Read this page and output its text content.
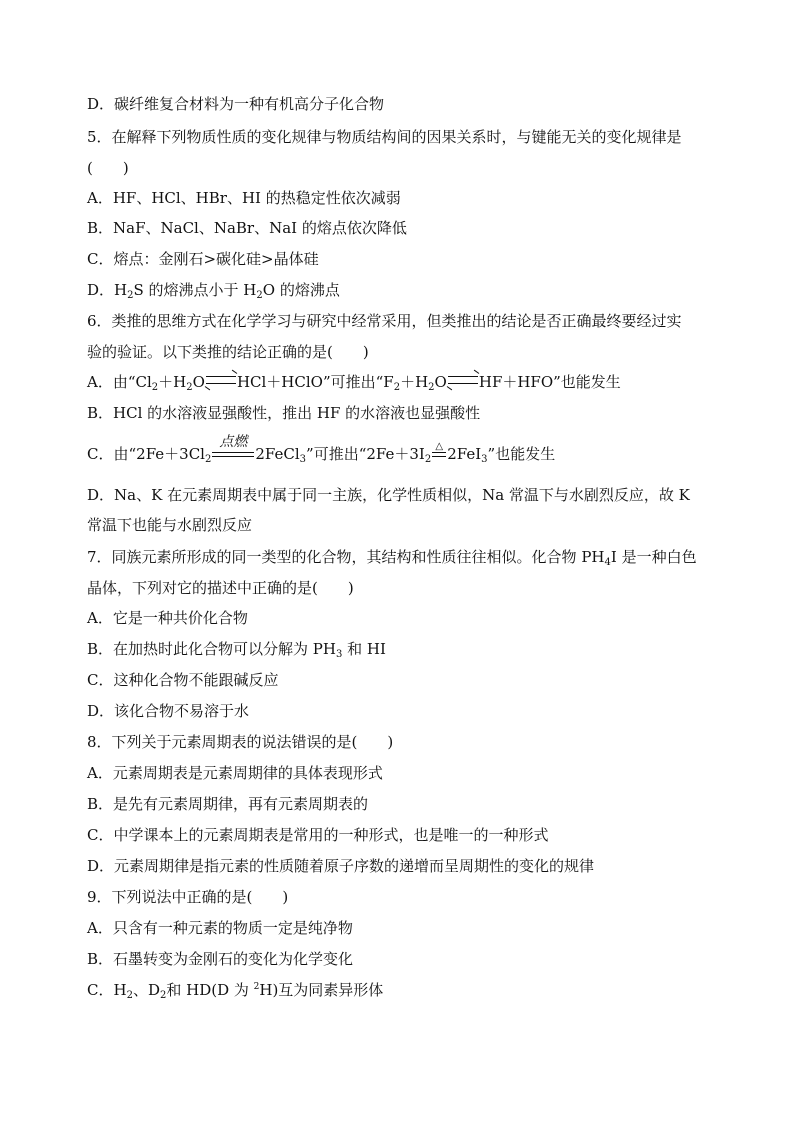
D．碳纤维复合材料为一种有机高分子化合物
5．在解释下列物质性质的变化规律与物质结构间的因果关系时，与键能无关的变化规律是
(　　)
A．HF、HCl、HBr、HI 的热稳定性依次减弱
B．NaF、NaCl、NaBr、NaI 的熔点依次降低
C．熔点：金刚石>碳化硅>晶体硅
D．$H_2S$ 的熔沸点小于 $H_2O$ 的熔沸点
6．类推的思维方式在化学学习与研究中经常采用，但类推出的结论是否正确最终要经过实
验的验证。以下类推的结论正确的是(　　)
A．由“$Cl_2+H_2O$ HCl＋HClO”可推出“$F_2+H_2O$ HF＋HFO”也能发生
B．HCl 的水溶液显强酸性，推出 HF 的水溶液也显强酸性
C．由“$2Fe+3Cl_2$
点燃
2FeCl$_3$”可推出“$2Fe+3I_2$
△ 2FeI$_3$”也能发生
D．Na、K 在元素周期表中属于同一主族，化学性质相似，Na 常温下与水剧烈反应，故 K
常温下也能与水剧烈反应
7．同族元素所形成的同一类型的化合物，其结构和性质往往相似。化合物 $PH_4I$ 是一种白色
晶体，下列对它的描述中正确的是(　　)
A．它是一种共价化合物
B．在加热时此化合物可以分解为 $PH_3$ 和 HI
C．这种化合物不能跟碱反应
D．该化合物不易溶于水
8．下列关于元素周期表的说法错误的是(　　)
A．元素周期表是元素周期律的具体表现形式
B．是先有元素周期律，再有元素周期表的
C．中学课本上的元素周期表是常用的一种形式，也是唯一的一种形式
D．元素周期律是指元素的性质随着原子序数的递增而呈周期性的变化的规律
9．下列说法中正确的是(　　)
A．只含有一种元素的物质一定是纯净物
B．石墨转变为金刚石的变化为化学变化
C．$H_2$、$D_2$和 HD(D 为 $^2$H)互为同素异形体
